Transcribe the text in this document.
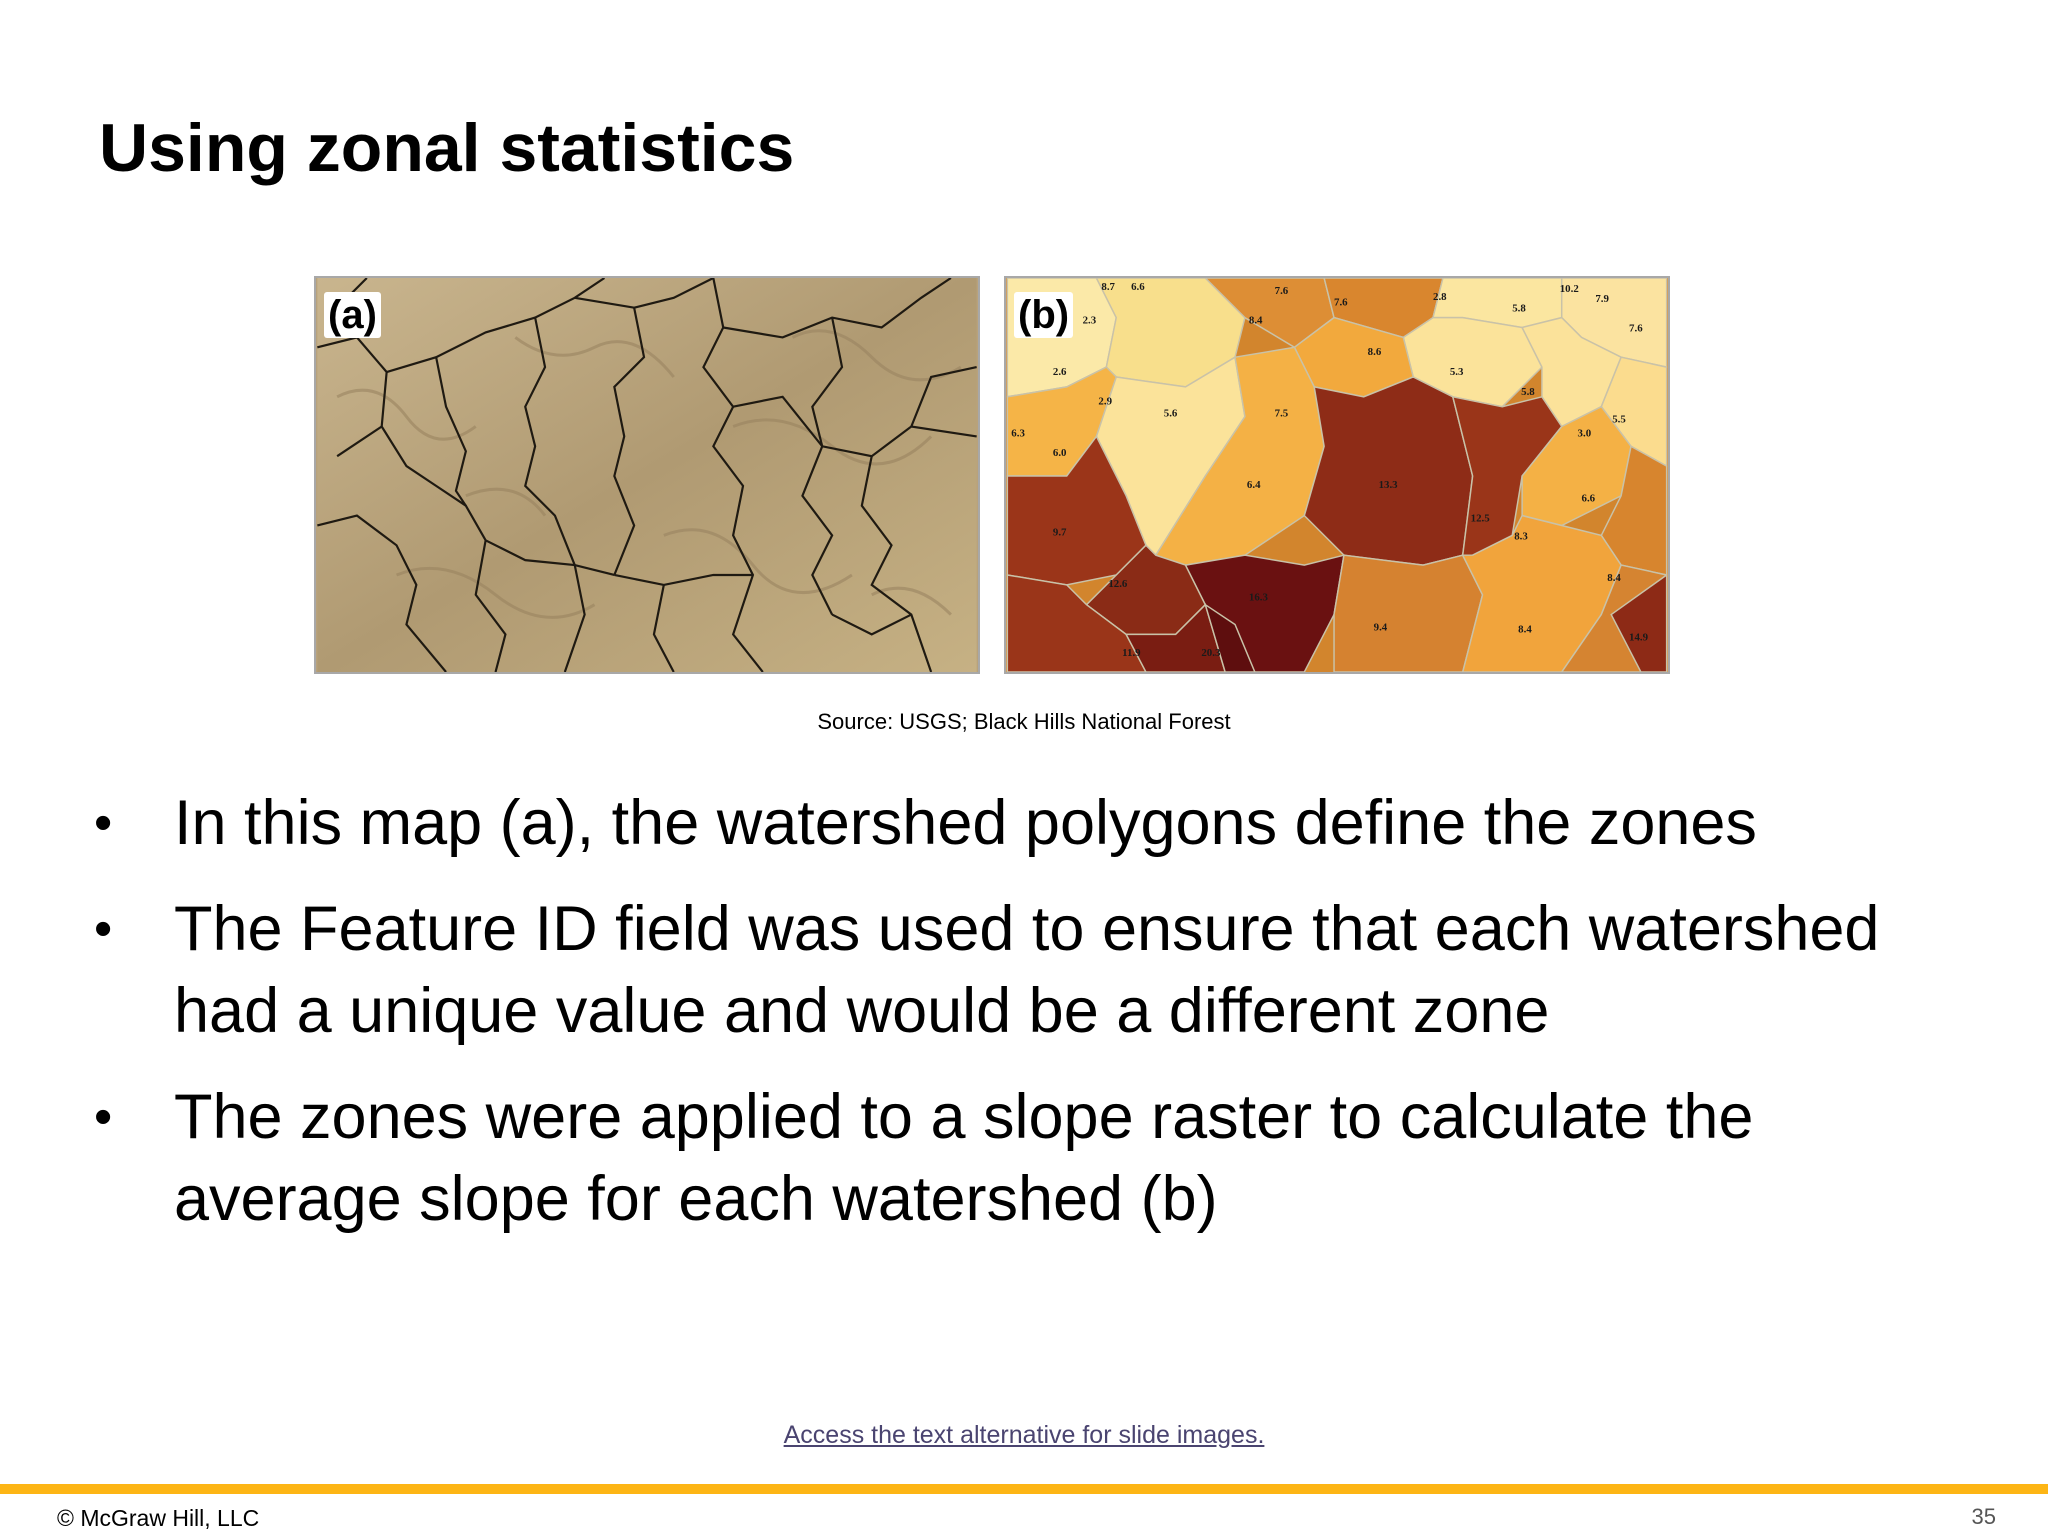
Using zonal statistics
(a)
8.7 6.6	7.6
7.6	2.8
5.8
10.2
7.9
7.6
2.3	8.4
8.6
5.3
5.8
5.5
2.6
2.9
5.6	7.5
3.0
6.3
6.0
6.4	13.3
12.5
6.6
9.7	8.3
12.6
16.3
8.4
9.4	8.4
14.9
11.9	20.3
(b)
Source: USGS; Black Hills National Forest
• In this map (a), the watershed polygons define the zones
• The Feature ID field was used to ensure that each watershed had a unique value and would be a different zone
• The zones were applied to a slope raster to calculate the average slope for each watershed (b)
Access the text alternative for slide images.
© McGraw Hill, LLC	35
